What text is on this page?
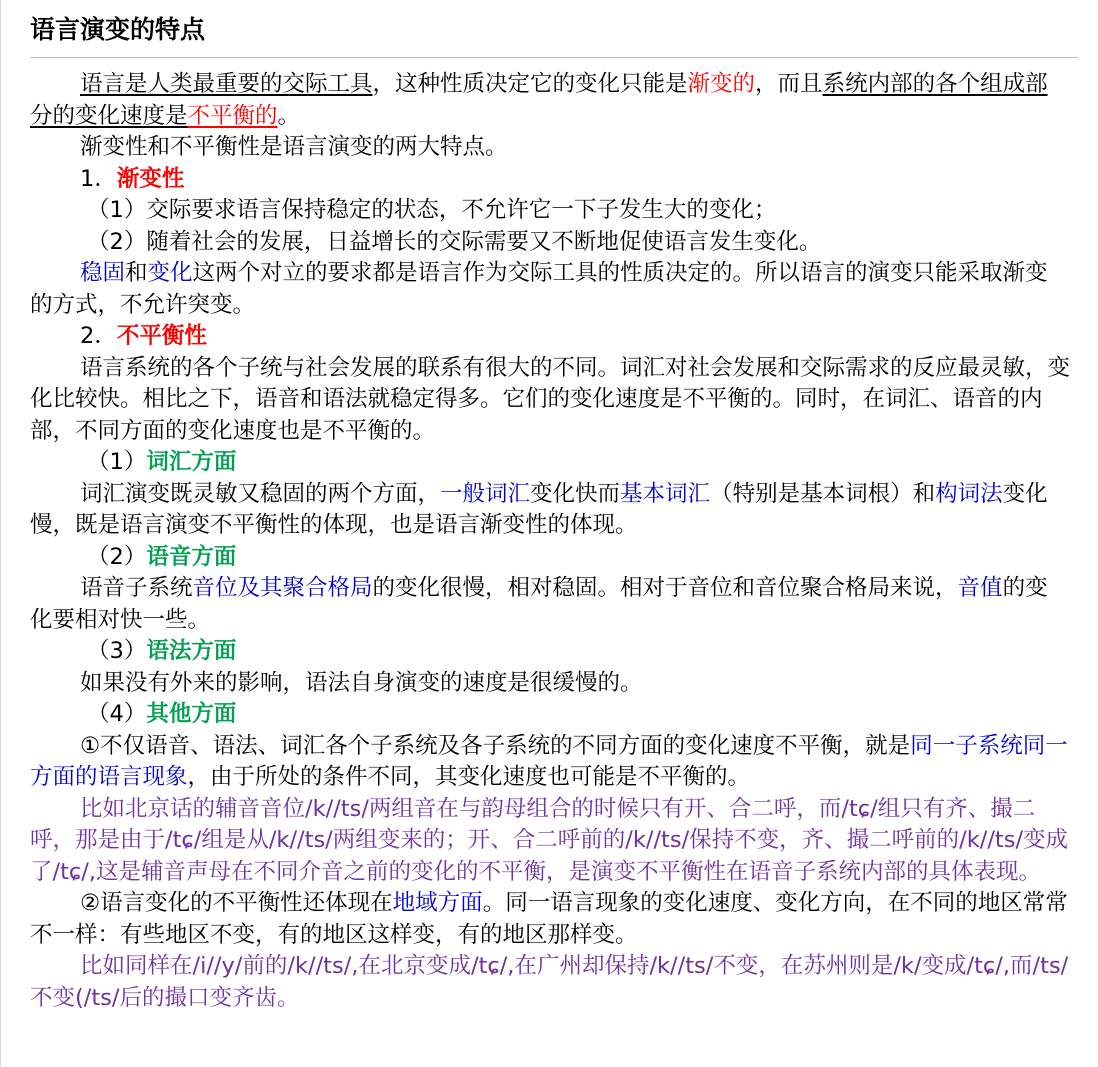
语言演变的特点

语言是人类最重要的交际工具，这种性质决定它的变化只能是渐变的，而且系统内部的各个组成部分的变化速度是不平衡的。

渐变性和不平衡性是语言演变的两大特点。

1．渐变性

（1）交际要求语言保持稳定的状态，不允许它一下子发生大的变化；

（2）随着社会的发展，日益增长的交际需要又不断地促使语言发生变化。

稳固和变化这两个对立的要求都是语言作为交际工具的性质决定的。所以语言的演变只能采取渐变的方式，不允许突变。

2．不平衡性

语言系统的各个子统与社会发展的联系有很大的不同。词汇对社会发展和交际需求的反应最灵敏，变化比较快。相比之下，语音和语法就稳定得多。它们的变化速度是不平衡的。同时，在词汇、语音的内部，不同方面的变化速度也是不平衡的。

（1）词汇方面

词汇演变既灵敏又稳固的两个方面，一般词汇变化快而基本词汇（特别是基本词根）和构词法变化慢，既是语言演变不平衡性的体现，也是语言渐变性的体现。

（2）语音方面

语音子系统音位及其聚合格局的变化很慢，相对稳固。相对于音位和音位聚合格局来说，音值的变化要相对快一些。

（3）语法方面

如果没有外来的影响，语法自身演变的速度是很缓慢的。

（4）其他方面

①不仅语音、语法、词汇各个子系统及各子系统的不同方面的变化速度不平衡，就是同一子系统同一方面的语言现象，由于所处的条件不同，其变化速度也可能是不平衡的。

比如北京话的辅音音位/k//ts/两组音在与韵母组合的时候只有开、合二呼，而/tɕ/组只有齐、撮二呼，那是由于/tɕ/组是从/k//ts/两组变来的；开、合二呼前的/k//ts/保持不变，齐、撮二呼前的/k//ts/变成了/tɕ/,这是辅音声母在不同介音之前的变化的不平衡，是演变不平衡性在语音子系统内部的具体表现。

②语言变化的不平衡性还体现在地域方面。同一语言现象的变化速度、变化方向，在不同的地区常常不一样：有些地区不变，有的地区这样变，有的地区那样变。

比如同样在/i//y/前的/k//ts/,在北京变成/tɕ/,在广州却保持/k//ts/不变，在苏州则是/k/变成/tɕ/,而/ts/不变(/ts/后的撮口变齐齿。
